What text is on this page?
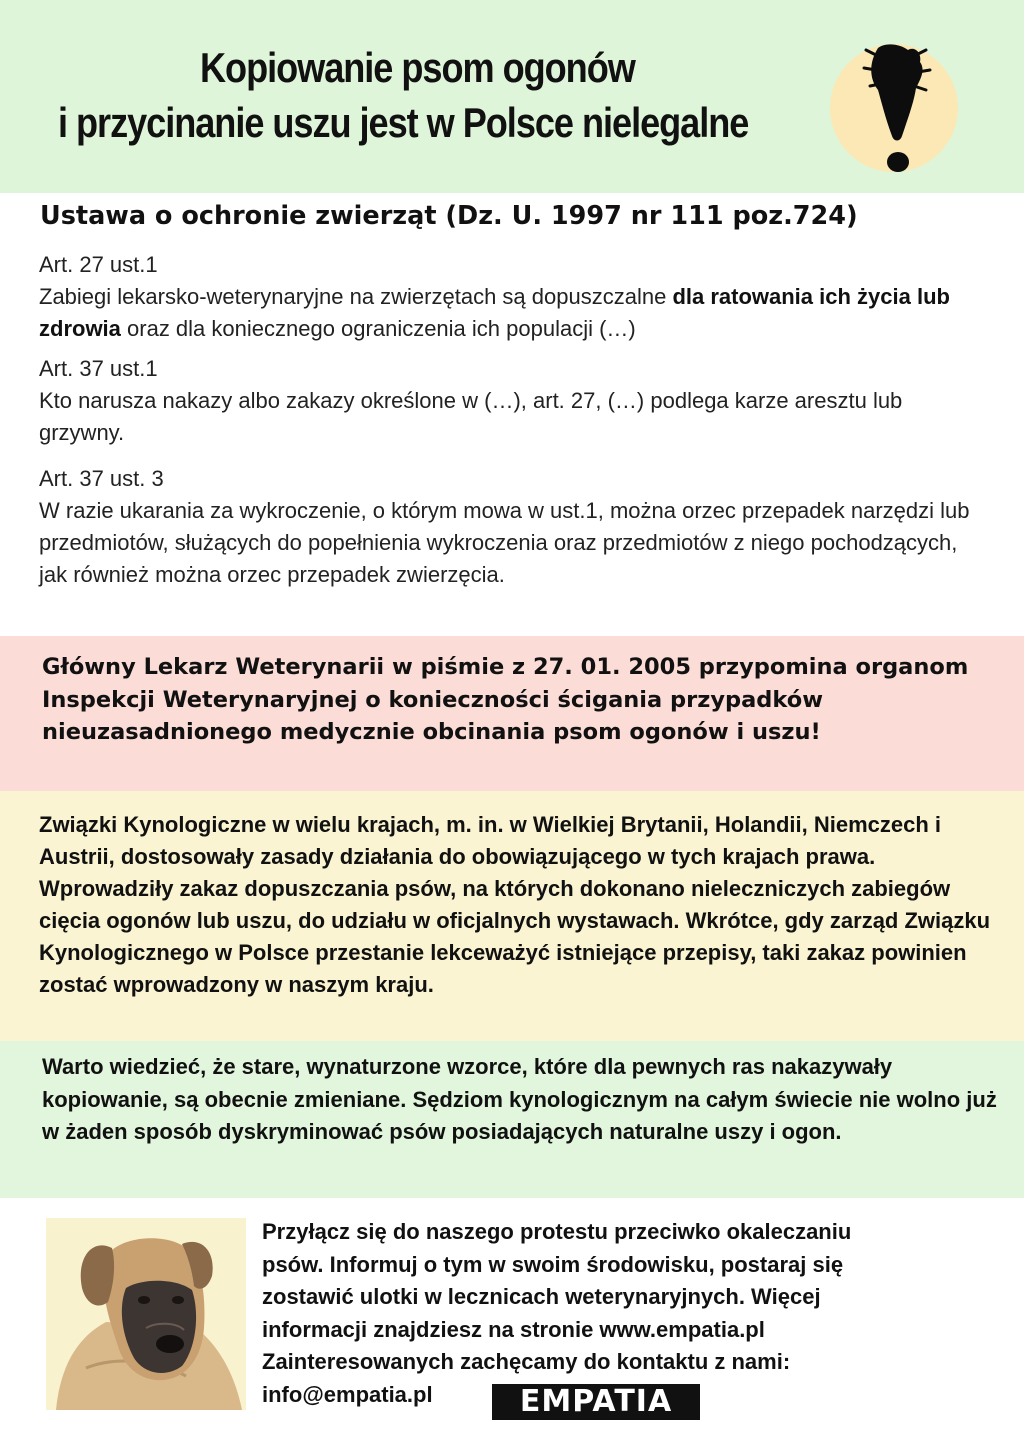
Kopiowanie psom ogonów
i przycinanie uszu jest w Polsce nielegalne
Ustawa o ochronie zwierząt (Dz. U. 1997 nr 111 poz.724)
Art. 27 ust.1
Zabiegi lekarsko-weterynaryjne na zwierzętach są dopuszczalne dla ratowania ich życia lub zdrowia oraz dla koniecznego ograniczenia ich populacji (…)
Art. 37 ust.1
Kto narusza nakazy albo zakazy określone w (…), art. 27, (…) podlega karze aresztu lub grzywny.
Art. 37 ust. 3
W razie ukarania za wykroczenie, o którym mowa w ust.1, można orzec przepadek narzędzi lub przedmiotów, służących do popełnienia wykroczenia oraz przedmiotów z niego pochodzących, jak również można orzec przepadek zwierzęcia.
Główny Lekarz Weterynarii w piśmie z 27. 01. 2005 przypomina organom Inspekcji Weterynaryjnej o konieczności ścigania przypadków nieuzasadnionego medycznie obcinania psom ogonów i uszu!
Związki Kynologiczne w wielu krajach, m. in. w Wielkiej Brytanii, Holandii, Niemczech i Austrii, dostosowały zasady działania do obowiązującego w tych krajach prawa. Wprowadziły zakaz dopuszczania psów, na których dokonano nieleczniczych zabiegów cięcia ogonów lub uszu, do udziału w oficjalnych wystawach. Wkrótce, gdy zarząd Związku Kynologicznego w Polsce przestanie lekceważyć istniejące przepisy, taki zakaz powinien zostać wprowadzony w naszym kraju.
Warto wiedzieć, że stare, wynaturzone wzorce, które dla pewnych ras nakazywały kopiowanie, są obecnie zmieniane. Sędziom kynologicznym na całym świecie nie wolno już w żaden sposób dyskryminować psów posiadających naturalne uszy i ogon.
Przyłącz się do naszego protestu przeciwko okaleczaniu
psów. Informuj o tym w swoim środowisku, postaraj się
zostawić ulotki w lecznicach weterynaryjnych. Więcej
informacji znajdziesz na stronie www.empatia.pl
Zainteresowanych zachęcamy do kontaktu z nami:
info@empatia.pl	EMPATIA
